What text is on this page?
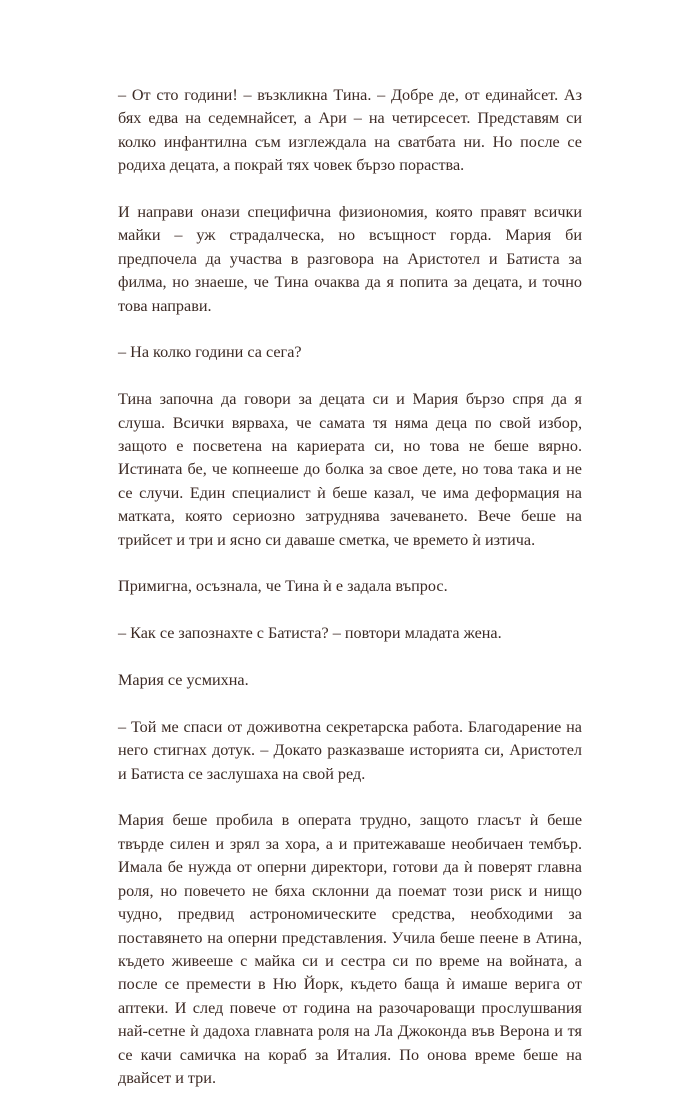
– От сто години! – възкликна Тина. – Добре де, от единайсет. Аз бях едва на седемнайсет, а Ари – на четирсесет. Представям си колко инфантилна съм изглеждала на сватбата ни. Но после се родиха децата, а покрай тях човек бързо пораства.

И направи онази специфична физиономия, която правят всички майки – уж страдалческа, но всъщност горда. Мария би предпочела да участва в разговора на Аристотел и Батиста за филма, но знаеше, че Тина очаква да я попита за децата, и точно това направи.

– На колко години са сега?

Тина започна да говори за децата си и Мария бързо спря да я слуша. Всички вярваха, че самата тя няма деца по свой избор, защото е посветена на кариерата си, но това не беше вярно. Истината бе, че копнееше до болка за свое дете, но това така и не се случи. Един специалист ѝ беше казал, че има деформация на матката, която сериозно затруднява зачеването. Вече беше на трийсет и три и ясно си даваше сметка, че времето ѝ изтича.

Примигна, осъзнала, че Тина ѝ е задала въпрос.

– Как се запознахте с Батиста? – повтори младата жена.

Мария се усмихна.

– Той ме спаси от доживотна секретарска работа. Благодарение на него стигнах дотук. – Докато разказваше историята си, Аристотел и Батиста се заслушаха на свой ред.

Мария беше пробила в операта трудно, защото гласът ѝ беше твърде силен и зрял за хора, а и притежаваше необичаен тембър. Имала бе нужда от оперни директори, готови да ѝ поверят главна роля, но повечето не бяха склонни да поемат този риск и нищо чудно, предвид астрономическите средства, необходими за поставянето на оперни представления. Учила беше пеене в Атина, където живееше с майка си и сестра си по време на войната, а после се премести в Ню Йорк, където баща ѝ имаше верига от аптеки. И след повече от година на разочароващи прослушвания най-сетне ѝ дадоха главната роля на Ла Джоконда във Верона и тя се качи самичка на кораб за Италия. По онова време беше на двайсет и три.
